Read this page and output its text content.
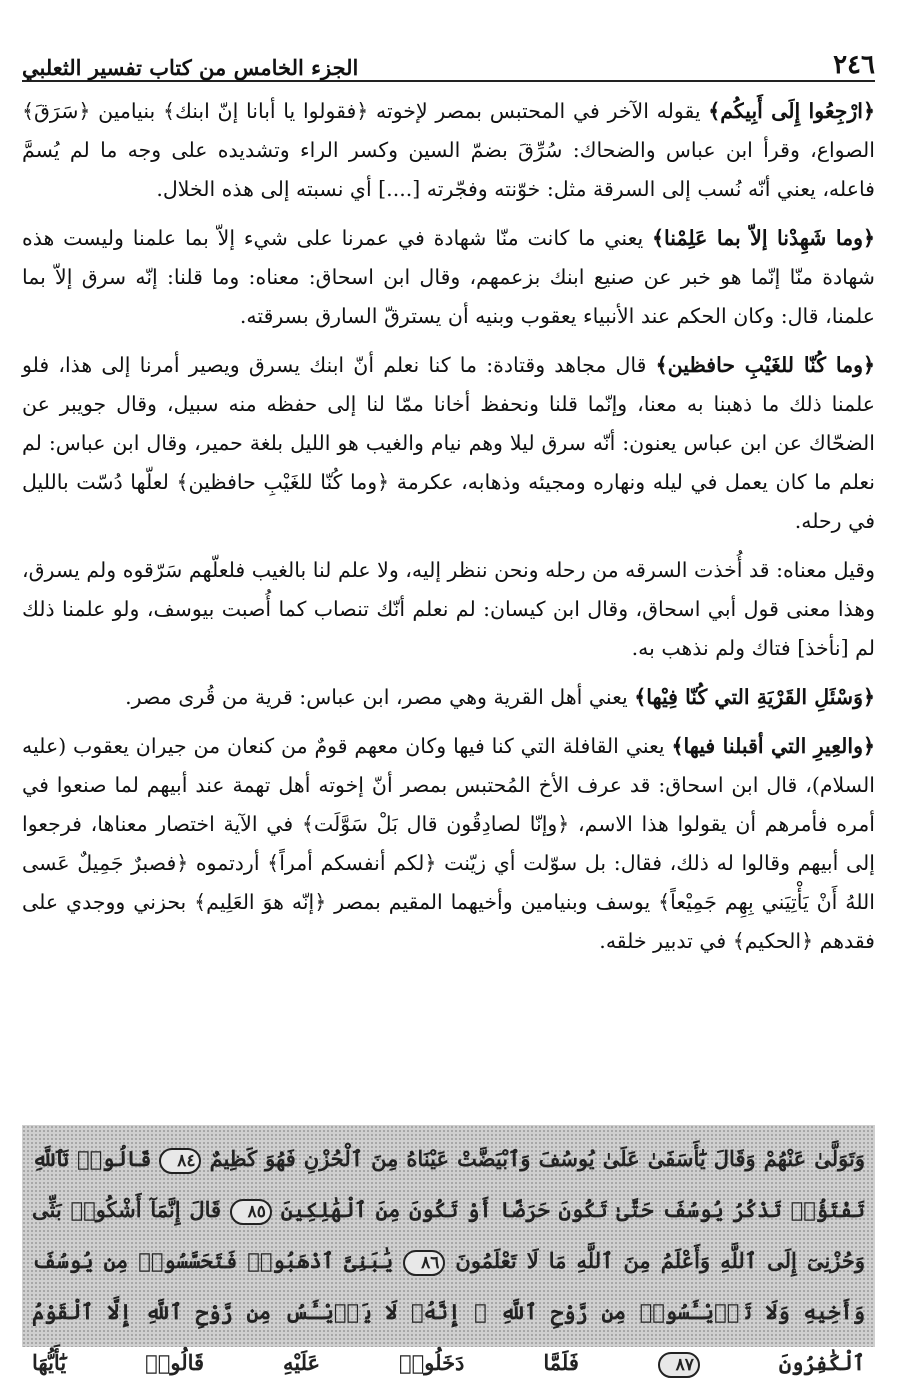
٢٤٦
الجزء الخامس من كتاب تفسير الثعلبي

﴿ارْجِعُوا إِلَى أَبِيكُم﴾ يقوله الآخر في المحتبس بمصر لإخوته ﴿فقولوا يا أبانا إنّ ابنك﴾ بنيامين ﴿سَرَقَ﴾ الصواع، وقرأ ابن عباس والضحاك: سُرِّقَ بضمّ السين وكسر الراء وتشديده على وجه ما لم يُسمَّ فاعله، يعني أنّه نُسب إلى السرقة مثل: خوّنته وفجّرته [....] أي نسبته إلى هذه الخلال.

﴿وما شَهِدْنا إلاّ بما عَلِمْنا﴾ يعني ما كانت منّا شهادة في عمرنا على شيء إلاّ بما علمنا وليست هذه شهادة منّا إنّما هو خبر عن صنيع ابنك بزعمهم، وقال ابن اسحاق: معناه: وما قلنا: إنّه سرق إلاّ بما علمنا، قال: وكان الحكم عند الأنبياء يعقوب وبنيه أن يسترقّ السارق بسرقته.

﴿وما كُنّا للغَيْبِ حافظين﴾ قال مجاهد وقتادة: ما كنا نعلم أنّ ابنك يسرق ويصير أمرنا إلى هذا، فلو علمنا ذلك ما ذهبنا به معنا، وإنّما قلنا ونحفظ أخانا ممّا لنا إلى حفظه منه سبيل، وقال جويبر عن الضحّاك عن ابن عباس يعنون: أنّه سرق ليلا وهم نيام والغيب هو الليل بلغة حمير، وقال ابن عباس: لم نعلم ما كان يعمل في ليله ونهاره ومجيئه وذهابه، عكرمة ﴿وما كُنّا للغَيْبِ حافظين﴾ لعلّها دُسّت بالليل في رحله.

وقيل معناه: قد أُخذت السرقه من رحله ونحن ننظر إليه، ولا علم لنا بالغيب فلعلّهم سَرّقوه ولم يسرق، وهذا معنى قول أبي اسحاق، وقال ابن كيسان: لم نعلم أنّك تنصاب كما أُصبت بيوسف، ولو علمنا ذلك لم [نأخذ] فتاك ولم نذهب به.

﴿وَسْئَلِ القَرْيَةِ التي كُنّا فِيْها﴾ يعني أهل القرية وهي مصر، ابن عباس: قرية من قُرى مصر.

﴿والعِيرِ التي أقبلنا فيها﴾ يعني القافلة التي كنا فيها وكان معهم قومٌ من كنعان من جيران يعقوب (عليه السلام)، قال ابن اسحاق: قد عرف الأخ المُحتبس بمصر أنّ إخوته أهل تهمة عند أبيهم لما صنعوا في أمره فأمرهم أن يقولوا هذا الاسم، ﴿وإنّا لصادِقُون قال بَلْ سَوَّلَت﴾ في الآية اختصار معناها، فرجعوا إلى أبيهم وقالوا له ذلك، فقال: بل سوّلت أي زيّنت ﴿لكم أنفسكم أمراً﴾ أردتموه ﴿فصبرٌ جَمِيلٌ عَسى اللهُ أَنْ يَأْتِيَني بِهِم جَمِيْعاً﴾ يوسف وبنيامين وأخيهما المقيم بمصر ﴿إنّه هوَ العَلِيم﴾ بحزني ووجدي على فقدهم ﴿الحكيم﴾ في تدبير خلقه.

وَتَوَلَّىٰ عَنْهُمْ وَقَالَ يَٰٓأَسَفَىٰ عَلَىٰ يُوسُفَ وَٱبْيَضَّتْ عَيْنَاهُ مِنَ ٱلْحُزْنِ فَهُوَ كَظِيمٌ ٨٤ قَالُوا۟ تَٱللَّهِ تَفْتَؤُا۟ تَذْكُرُ يُوسُفَ حَتَّىٰ تَكُونَ حَرَضًا أَوْ تَكُونَ مِنَ ٱلْهَٰلِكِينَ ٨٥ قَالَ إِنَّمَآ أَشْكُوا۟ بَثِّى وَحُزْنِىٓ إِلَى ٱللَّهِ وَأَعْلَمُ مِنَ ٱللَّهِ مَا لَا تَعْلَمُونَ ٨٦ يَٰبَنِىَّ ٱذْهَبُوا۟ فَتَحَسَّسُوا۟ مِن يُوسُفَ وَأَخِيهِ وَلَا تَا۟يْـَٔسُوا۟ مِن رَّوْحِ ٱللَّهِ ۖ إِنَّهُۥ لَا يَا۟يْـَٔسُ مِن رَّوْحِ ٱللَّهِ إِلَّا ٱلْقَوْمُ ٱلْكَٰفِرُونَ ٨٧ فَلَمَّا دَخَلُوا۟ عَلَيْهِ قَالُوا۟ يَٰٓأَيُّهَا
